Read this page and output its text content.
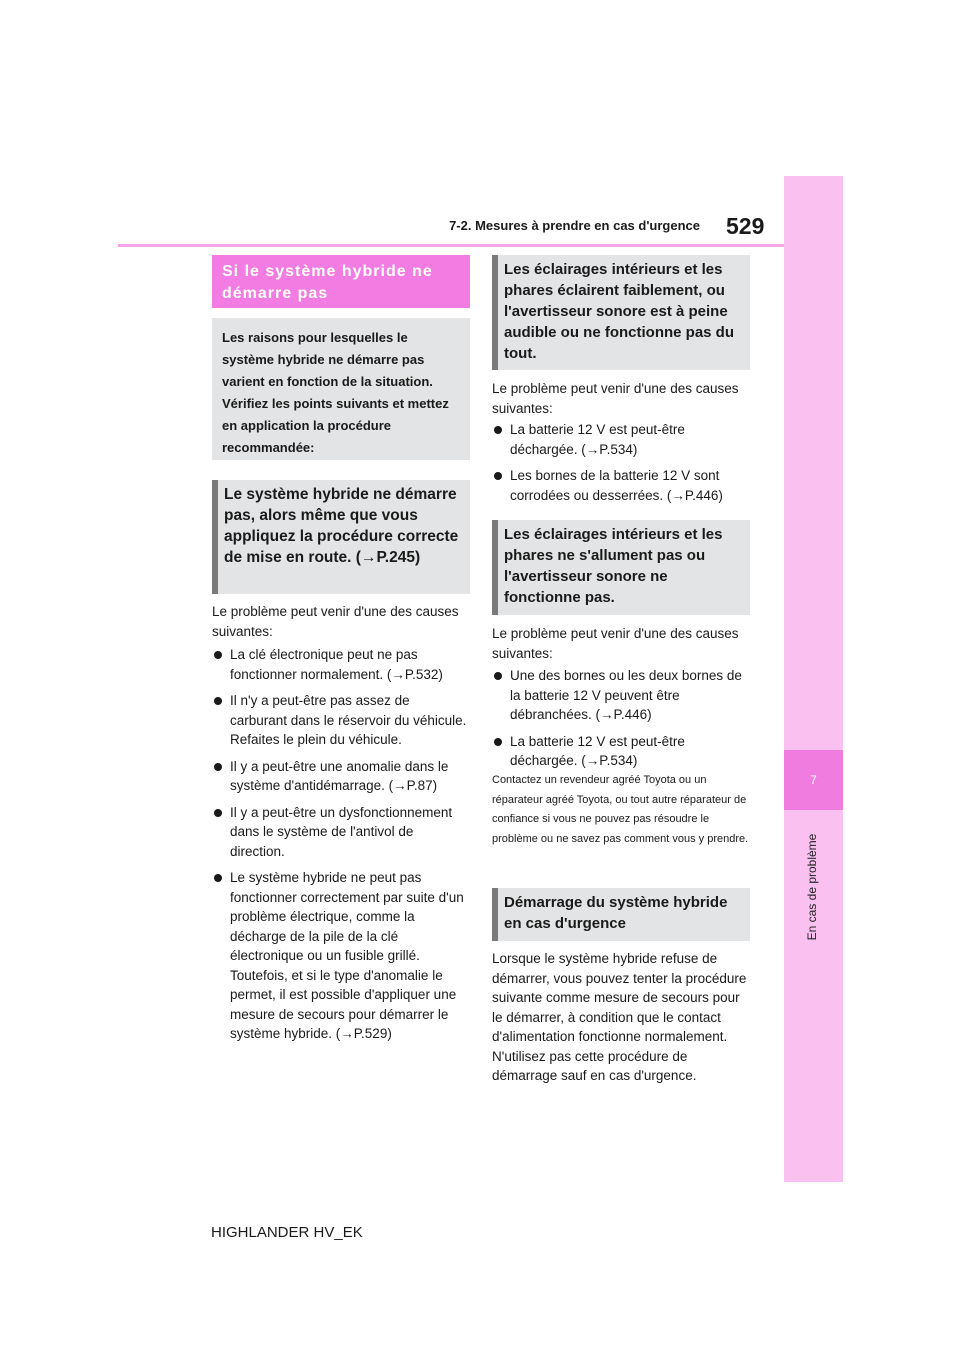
7-2. Mesures à prendre en cas d'urgence 529
7
En cas de problème
Si le système hybride ne démarre pas
Les raisons pour lesquelles le système hybride ne démarre pas varient en fonction de la situation. Vérifiez les points suivants et mettez en application la procédure recommandée:
Le système hybride ne démarre pas, alors même que vous appliquez la procédure correcte de mise en route. (→P.245)
Le problème peut venir d'une des causes suivantes:
La clé électronique peut ne pas fonctionner normalement. (→P.532)
Il n'y a peut-être pas assez de carburant dans le réservoir du véhicule. Refaites le plein du véhicule.
Il y a peut-être une anomalie dans le système d'antidémarrage. (→P.87)
Il y a peut-être un dysfonctionnement dans le système de l'antivol de direction.
Le système hybride ne peut pas fonctionner correctement par suite d'un problème électrique, comme la décharge de la pile de la clé électronique ou un fusible grillé. Toutefois, et si le type d'anomalie le permet, il est possible d'appliquer une mesure de secours pour démarrer le système hybride. (→P.529)
Les éclairages intérieurs et les phares éclairent faiblement, ou l'avertisseur sonore est à peine audible ou ne fonctionne pas du tout.
Le problème peut venir d'une des causes suivantes:
La batterie 12 V est peut-être déchargée. (→P.534)
Les bornes de la batterie 12 V sont corrodées ou desserrées. (→P.446)
Les éclairages intérieurs et les phares ne s'allument pas ou l'avertisseur sonore ne fonctionne pas.
Le problème peut venir d'une des causes suivantes:
Une des bornes ou les deux bornes de la batterie 12 V peuvent être débranchées. (→P.446)
La batterie 12 V est peut-être déchargée. (→P.534)
Contactez un revendeur agréé Toyota ou un réparateur agréé Toyota, ou tout autre réparateur de confiance si vous ne pouvez pas résoudre le problème ou ne savez pas comment vous y prendre.
Démarrage du système hybride en cas d'urgence
Lorsque le système hybride refuse de démarrer, vous pouvez tenter la procédure suivante comme mesure de secours pour le démarrer, à condition que le contact d'alimentation fonctionne normalement.
N'utilisez pas cette procédure de démarrage sauf en cas d'urgence.
HIGHLANDER HV_EK
